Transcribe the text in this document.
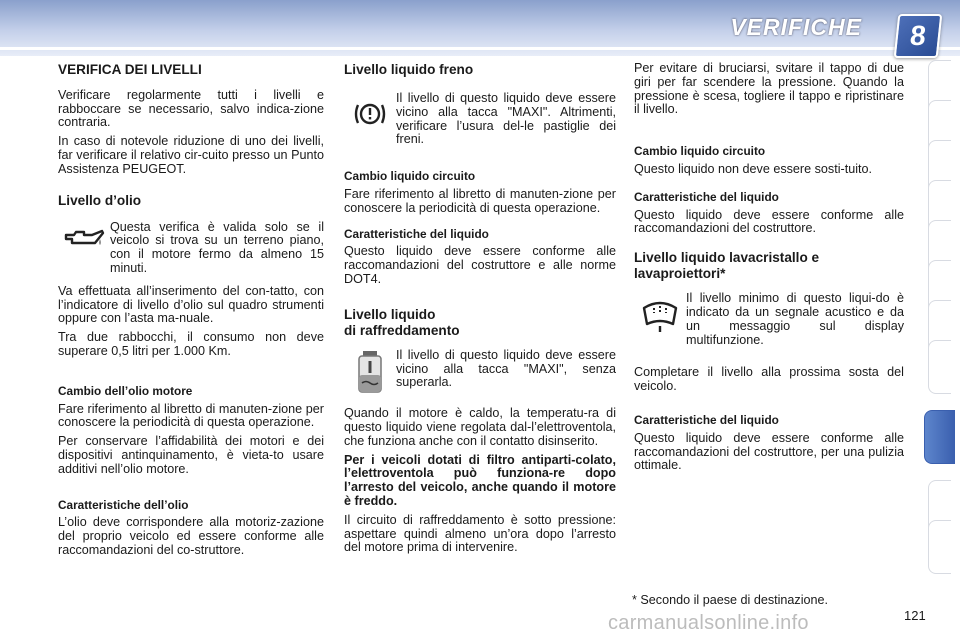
VERIFICHE	8
VERIFICA DEI LIVELLI

Verificare regolarmente tutti i livelli e rabboccare se necessario, salvo indica-zione contraria.

In caso di notevole riduzione di uno dei livelli, far verificare il relativo cir-cuito presso un Punto Assistenza PEUGEOT.

Livello d’olio

Questa verifica è valida solo se il veicolo si trova su un terreno piano, con il motore fermo da almeno 15 minuti.

Va effettuata all’inserimento del con-tatto, con l’indicatore di livello d’olio sul quadro strumenti oppure con l’asta ma-nuale.

Tra due rabbocchi, il consumo non deve superare 0,5 litri per 1.000 Km.

Cambio dell’olio motore

Fare riferimento al libretto di manuten-zione per conoscere la periodicità di questa operazione.

Per conservare l’affidabilità dei motori e dei dispositivi antinquinamento, è vieta-to usare additivi nell’olio motore.

Caratteristiche dell’olio

L’olio deve corrispondere alla motoriz-zazione del proprio veicolo ed essere conforme alle raccomandazioni del co-struttore.

Livello liquido freno

Il livello di questo liquido deve essere vicino alla tacca "MAXI". Altrimenti, verificare l’usura del-le pastiglie dei freni.

Cambio liquido circuito

Fare riferimento al libretto di manuten-zione per conoscere la periodicità di questa operazione.

Caratteristiche del liquido

Questo liquido deve essere conforme alle raccomandazioni del costruttore e alle norme DOT4.

Livello liquido
di raffreddamento

Il livello di questo liquido deve essere vicino alla tacca "MAXI", senza superarla.

Quando il motore è caldo, la temperatu-ra di questo liquido viene regolata dal-l’elettroventola, che funziona anche con il contatto disinserito.

Per i veicoli dotati di filtro antiparti-colato, l’elettroventola può funziona-re dopo l’arresto del veicolo, anche quando il motore è freddo.

Il circuito di raffreddamento è sotto pressione: aspettare quindi almeno un’ora dopo l’arresto del motore prima di intervenire.

Per evitare di bruciarsi, svitare il tappo di due giri per far scendere la pressione. Quando la pressione è scesa, togliere il tappo e ripristinare il livello.

Cambio liquido circuito

Questo liquido non deve essere sosti-tuito.

Caratteristiche del liquido

Questo liquido deve essere conforme alle raccomandazioni del costruttore.

Livello liquido lavacristallo e lavaproiettori*

Il livello minimo di questo liqui-do è indicato da un segnale acustico e da un messaggio sul display multifunzione.

Completare il livello alla prossima sosta del veicolo.

Caratteristiche del liquido

Questo liquido deve essere conforme alle raccomandazioni del costruttore, per una pulizia ottimale.

* Secondo il paese di destinazione.
carmanualsonline.info	121
